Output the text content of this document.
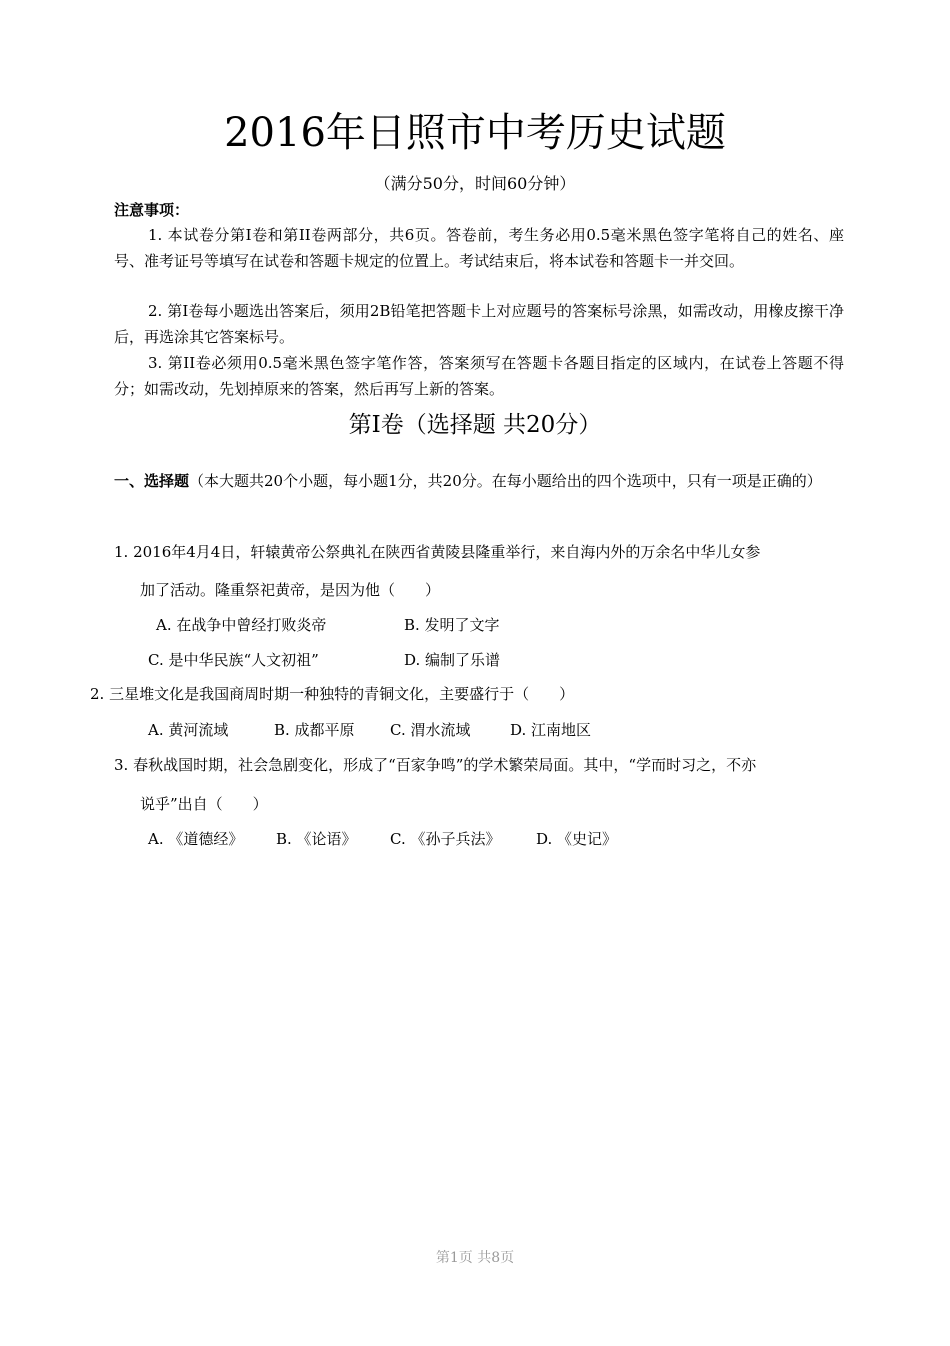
2016年日照市中考历史试题
（满分50分，时间60分钟）
注意事项：
1. 本试卷分第I卷和第II卷两部分，共6页。答卷前，考生务必用0.5毫米黑色签字笔将自己的姓名、座号、准考证号等填写在试卷和答题卡规定的位置上。考试结束后，将本试卷和答题卡一并交回。
2. 第I卷每小题选出答案后，须用2B铅笔把答题卡上对应题号的答案标号涂黑，如需改动，用橡皮擦干净后，再选涂其它答案标号。
3. 第II卷必须用0.5毫米黑色签字笔作答，答案须写在答题卡各题目指定的区域内，在试卷上答题不得分；如需改动，先划掉原来的答案，然后再写上新的答案。
第I卷（选择题 共20分）
一、选择题（本大题共20个小题，每小题1分，共20分。在每小题给出的四个选项中，只有一项是正确的）
1. 2016年4月4日，轩辕黄帝公祭典礼在陕西省黄陵县隆重举行，来自海内外的万余名中华儿女参
加了活动。隆重祭祀黄帝，是因为他（　　）
A. 在战争中曾经打败炎帝	B. 发明了文字
C. 是中华民族“人文初祖”	D. 编制了乐谱
2. 三星堆文化是我国商周时期一种独特的青铜文化，主要盛行于（　　）
A. 黄河流域	B. 成都平原 C. 渭水流域	D. 江南地区
3. 春秋战国时期，社会急剧变化，形成了“百家争鸣”的学术繁荣局面。其中，“学而时习之，不亦
说乎”出自（　　）
A. 《道德经》 B. 《论语》 C. 《孙子兵法》 D. 《史记》
第1页 共8页
